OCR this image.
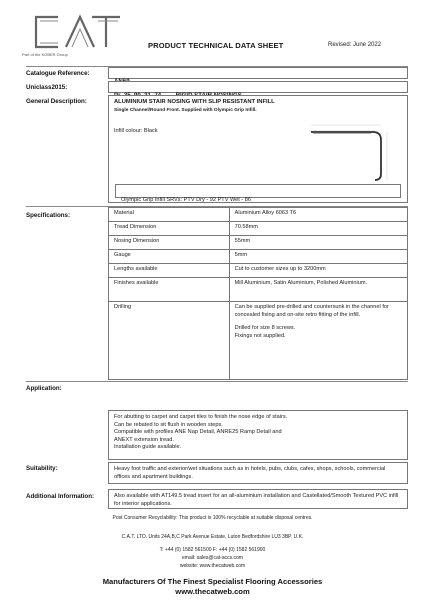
Part of the KOBER Group
PRODUCT TECHNICAL DATA SHEET	Revised: June 2022
Catalogue Reference:
Uniclass2015:
General Description:	ALUMINIUM STAIR NOSING WITH SLIP RESISTANT INFILL
Single Channel/Round Front. Supplied with Olympic Grip Infill.
Infill colour: Black
Olympic Grip Infill SRVs: PTV Dry - 92 PTV Wet - 86
Specifications:	Material	Aluminium Alloy 6063 T6
Tread Dimension	70.58mm
Nosing Dimension	55mm
Gauge	5mm
Lengths available	Cut to customer sizes up to 3200mm
Finishes available	Mill Aluminium, Satin Aluminium, Polished Aluminium.
Drilling	Can be supplied pre-drilled and countersunk in the channel for concealed fixing and on-site retro fitting of the infill.
Drilled for size 8 screws.
Fixings not supplied.
Application:
For abutting to carpet and carpet tiles to finish the nose edge of stairs.
Can be rebated to sit flush in wooden steps.
Compatible with profiles ANE Nap Detail, ANRE25 Ramp Detail and
ANEXT extension tread.
Installation guide available.
Suitability:	Heavy foot traffic and exterior/wet situations such as in hotels, pubs, clubs, cafes, shops, schools, commercial offices and apartment buildings.
Additional Information:	Also available with AT149.5 tread insert for an all-aluminium installation and Castellated/Smooth Textured PVC infill for interior applications.
Post Consumer Recyclability: This product is 100% recyclable at suitable disposal centres.
C.A.T. LTD. Units 24A,B,C Park Avenue Estate, Luton Bedfordshire LU3 3BP. U.K.
T: +44 (0) 1582 561500 F: +44 (0) 1582 561900
email: sales@cat-accs.com
website: www.thecatweb.com
Manufacturers Of The Finest Specialist Flooring Accessories
www.thecatweb.com
